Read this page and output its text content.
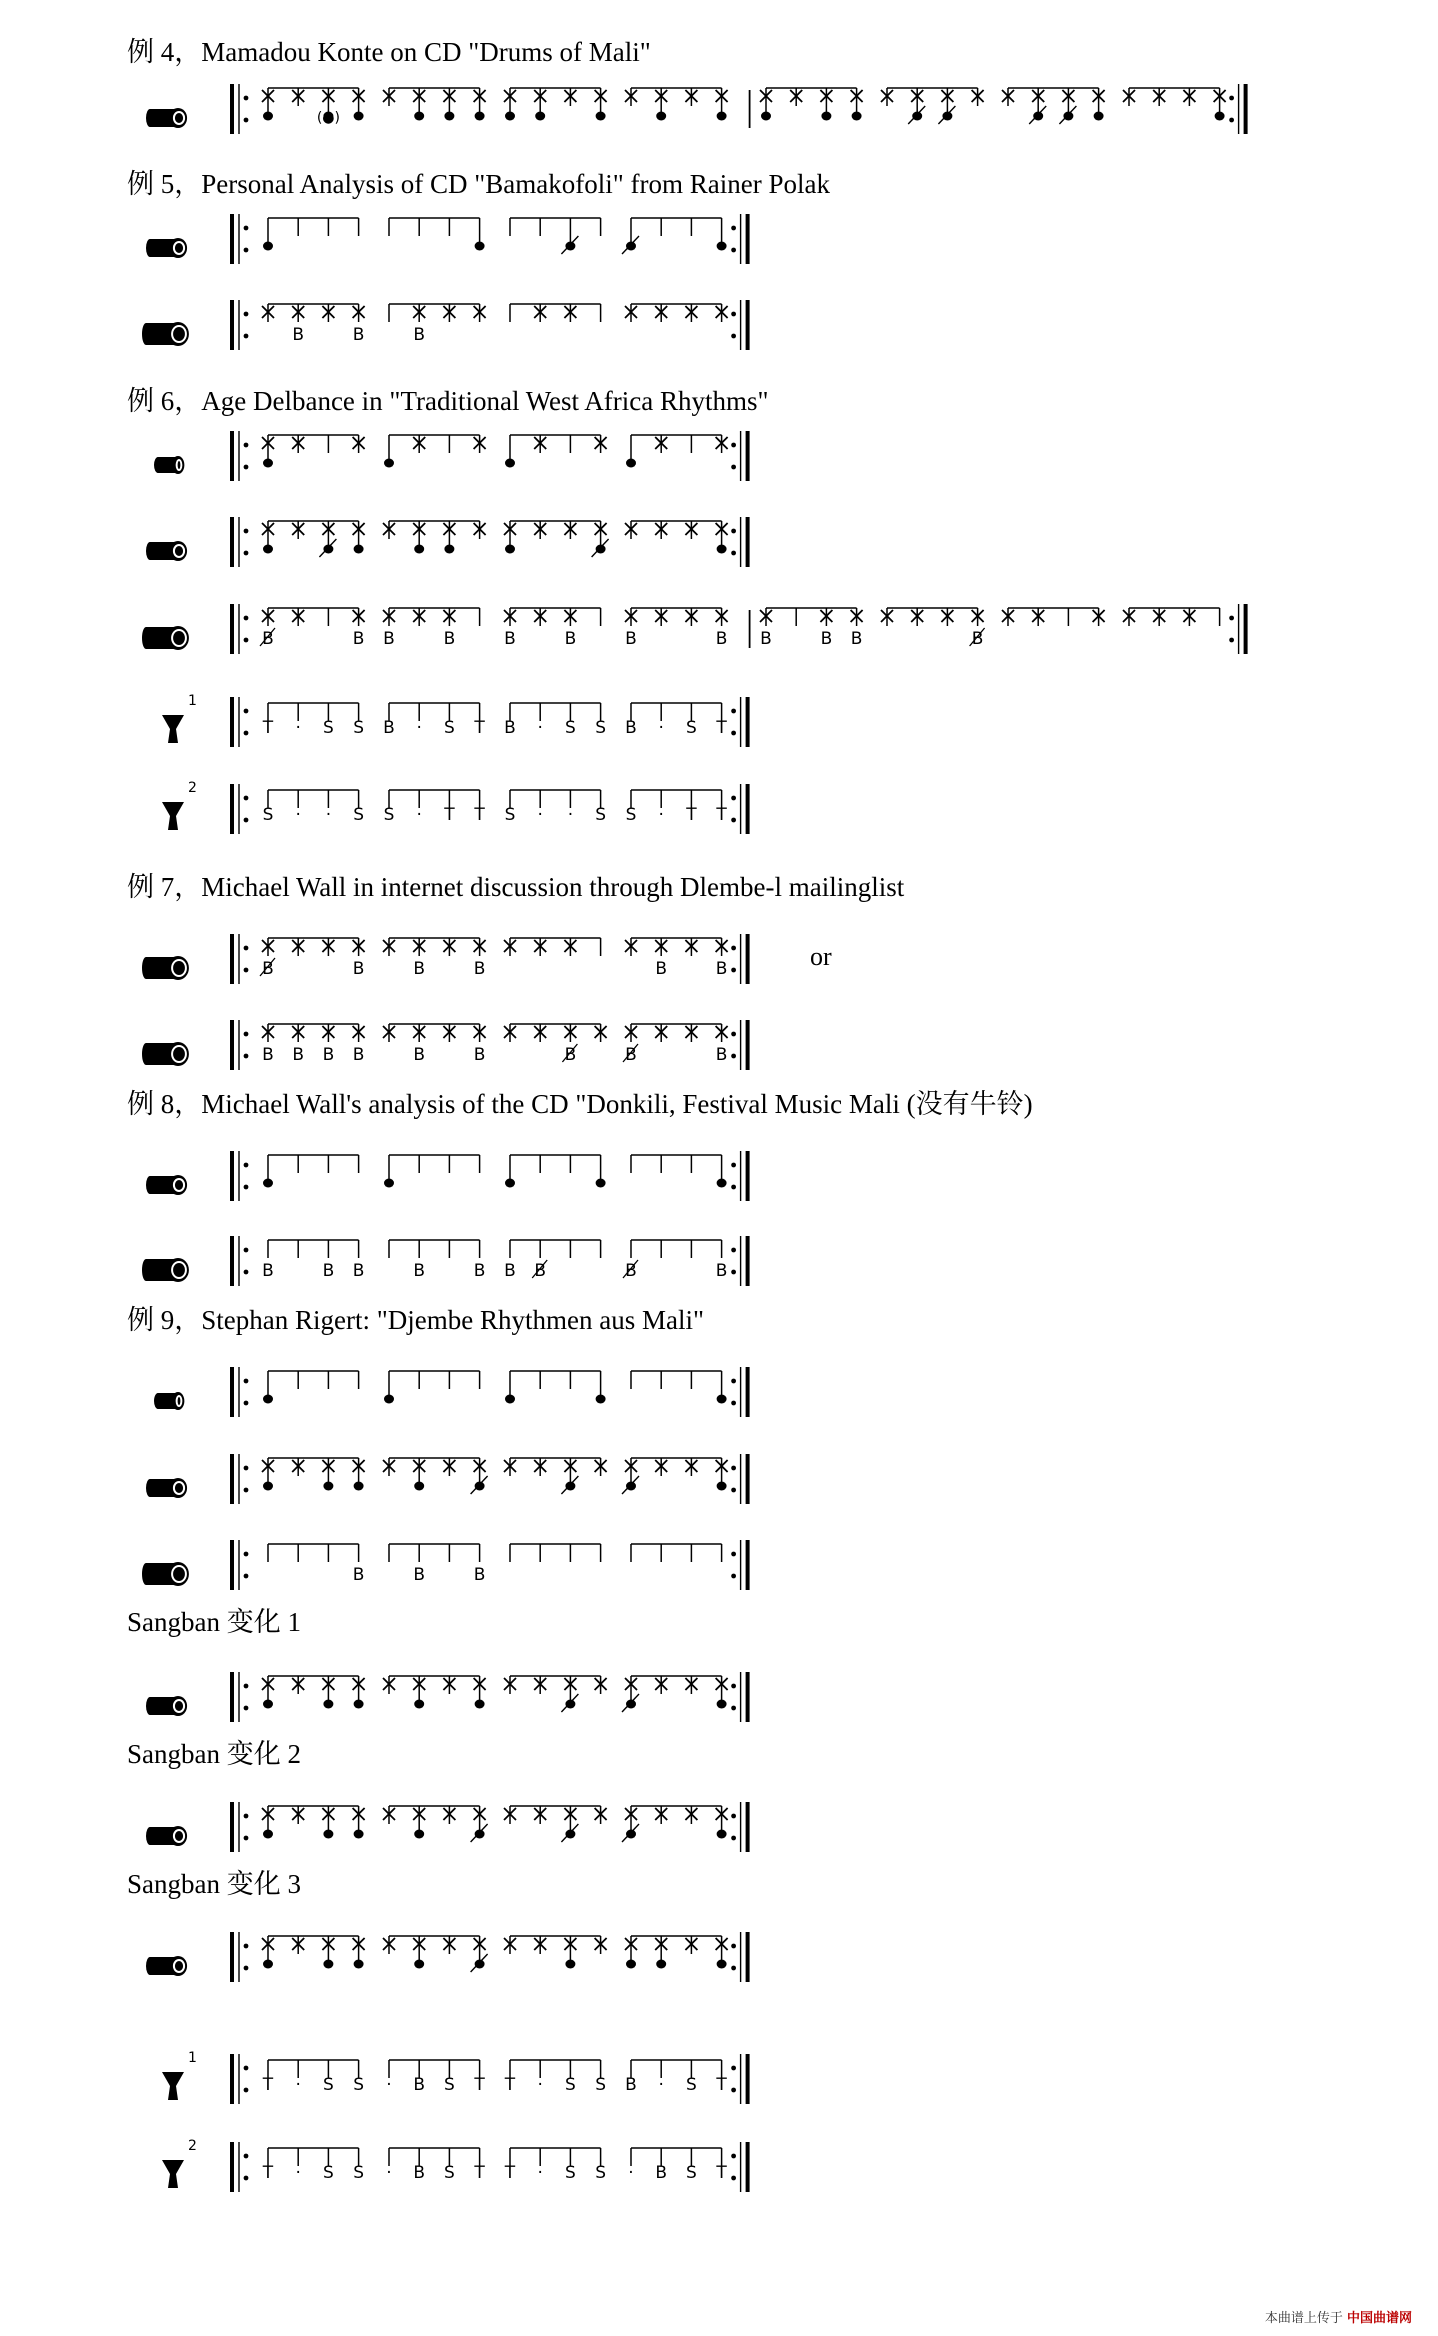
例 4，Mamadou Konte on CD "Drums of Mali"
(●)
例 5，Personal Analysis of CD "Bamakofoli" from Rainer Polak
B	B	B
例 6，Age Delbance in "Traditional West Africa Rhythms"
B	B B	B	B	B	B	B B	B B	B
1
T · S S B · S T B · S S B · S T
2
S · · S S · T T S · · S S · T T
例 7，Michael Wall in internet discussion through Dlembe-l mailinglist
B	B	B	B	B	B	or
B B B B	B	B	B	B	B
例 8，Michael Wall's analysis of the CD "Donkili, Festival Music Mali (没有牛铃)
B	B B	B	B B B	B	B
例 9，Stephan Rigert: "Djembe Rhythmen aus Mali"
B	B	B
Sangban 变化 1
Sangban 变化 2
Sangban 变化 3
1
T · S S · B S T T · S S B · S T
2
T · S S · B S T T · S S · B S T
本曲谱上传于 中国曲谱网
